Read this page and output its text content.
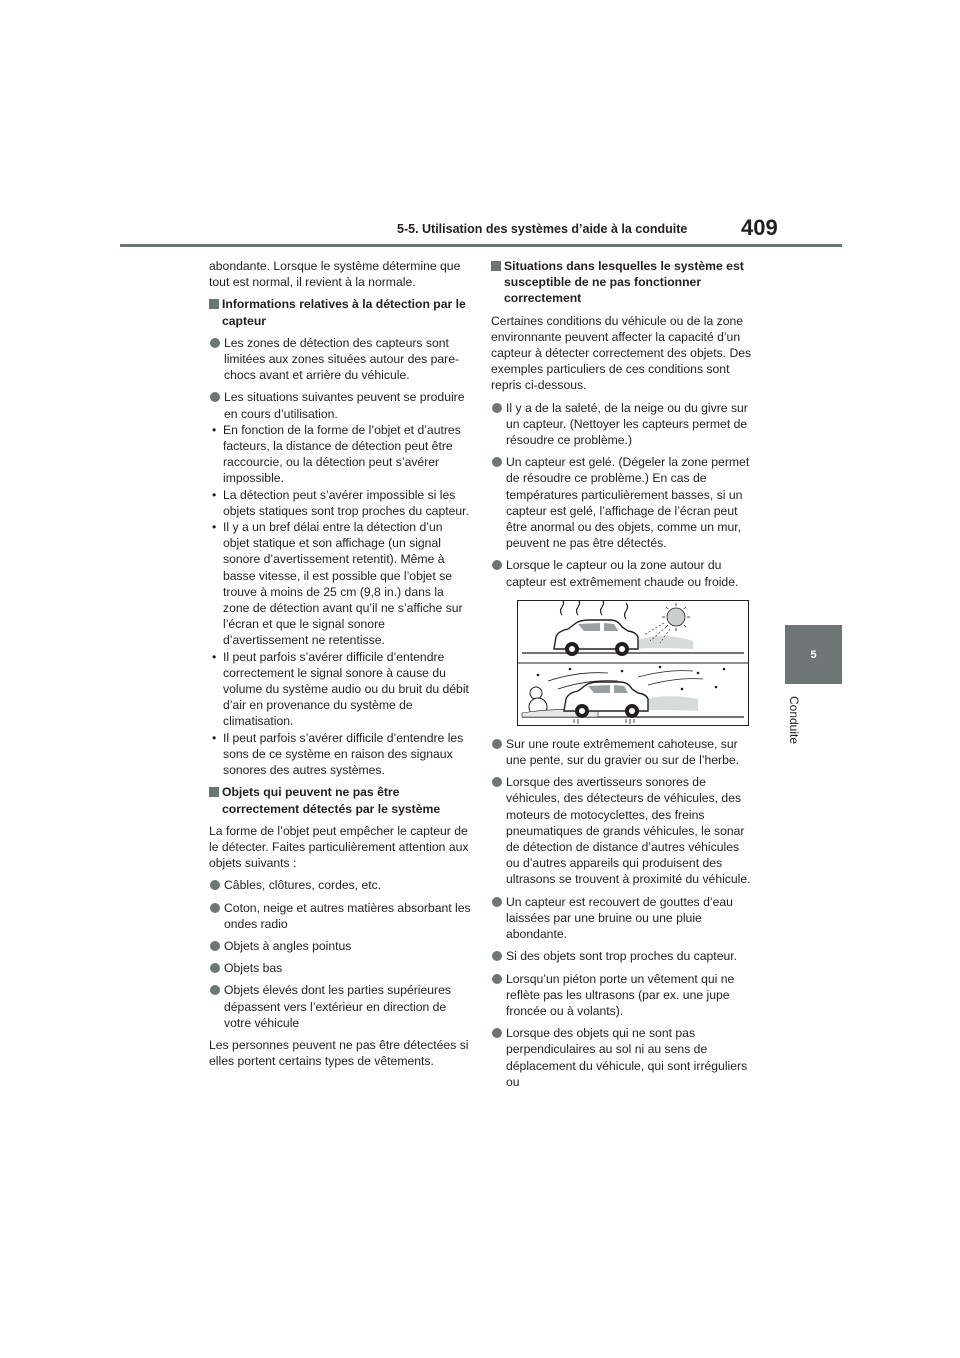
5-5. Utilisation des systèmes d’aide à la conduite 409
5
Conduite

abondante. Lorsque le système détermine que tout est normal, il revient à la normale.

Informations relatives à la détection par le capteur
Les zones de détection des capteurs sont limitées aux zones situées autour des pare-chocs avant et arrière du véhicule.
Les situations suivantes peuvent se produire en cours d’utilisation.
• En fonction de la forme de l’objet et d’autres facteurs, la distance de détection peut être raccourcie, ou la détection peut s’avérer impossible.
• La détection peut s’avérer impossible si les objets statiques sont trop proches du capteur.
• Il y a un bref délai entre la détection d’un objet statique et son affichage (un signal sonore d’avertissement retentit). Même à basse vitesse, il est possible que l’objet se trouve à moins de 25 cm (9,8 in.) dans la zone de détection avant qu’il ne s’affiche sur l’écran et que le signal sonore d’avertissement ne retentisse.
• Il peut parfois s’avérer difficile d’entendre correctement le signal sonore à cause du volume du système audio ou du bruit du débit d’air en provenance du système de climatisation.
• Il peut parfois s’avérer difficile d’entendre les sons de ce système en raison des signaux sonores des autres systèmes.
Objets qui peuvent ne pas être correctement détectés par le système

La forme de l’objet peut empêcher le capteur de le détecter. Faites particulièrement attention aux objets suivants :

Câbles, clôtures, cordes, etc.
Coton, neige et autres matières absorbant les ondes radio
Objets à angles pointus
Objets bas
Objets élevés dont les parties supérieures dépassent vers l’extérieur en direction de votre véhicule

Les personnes peuvent ne pas être détectées si elles portent certains types de vêtements.

Situations dans lesquelles le système est susceptible de ne pas fonctionner correctement

Certaines conditions du véhicule ou de la zone environnante peuvent affecter la capacité d’un capteur à détecter correctement des objets. Des exemples particuliers de ces conditions sont repris ci-dessous.

Il y a de la saleté, de la neige ou du givre sur un capteur. (Nettoyer les capteurs permet de résoudre ce problème.)
Un capteur est gelé. (Dégeler la zone permet de résoudre ce problème.) En cas de températures particulièrement basses, si un capteur est gelé, l’affichage de l’écran peut être anormal ou des objets, comme un mur, peuvent ne pas être détectés.
Lorsque le capteur ou la zone autour du capteur est extrêmement chaude ou froide.
Sur une route extrêmement cahoteuse, sur une pente, sur du gravier ou sur de l’herbe.
Lorsque des avertisseurs sonores de véhicules, des détecteurs de véhicules, des moteurs de motocyclettes, des freins pneumatiques de grands véhicules, le sonar de détection de distance d’autres véhicules ou d’autres appareils qui produisent des ultrasons se trouvent à proximité du véhicule.
Un capteur est recouvert de gouttes d’eau laissées par une bruine ou une pluie abondante.
Si des objets sont trop proches du capteur.
Lorsqu’un piéton porte un vêtement qui ne reflète pas les ultrasons (par ex. une jupe froncée ou à volants).
Lorsque des objets qui ne sont pas perpendiculaires au sol ni au sens de déplacement du véhicule, qui sont irréguliers ou
